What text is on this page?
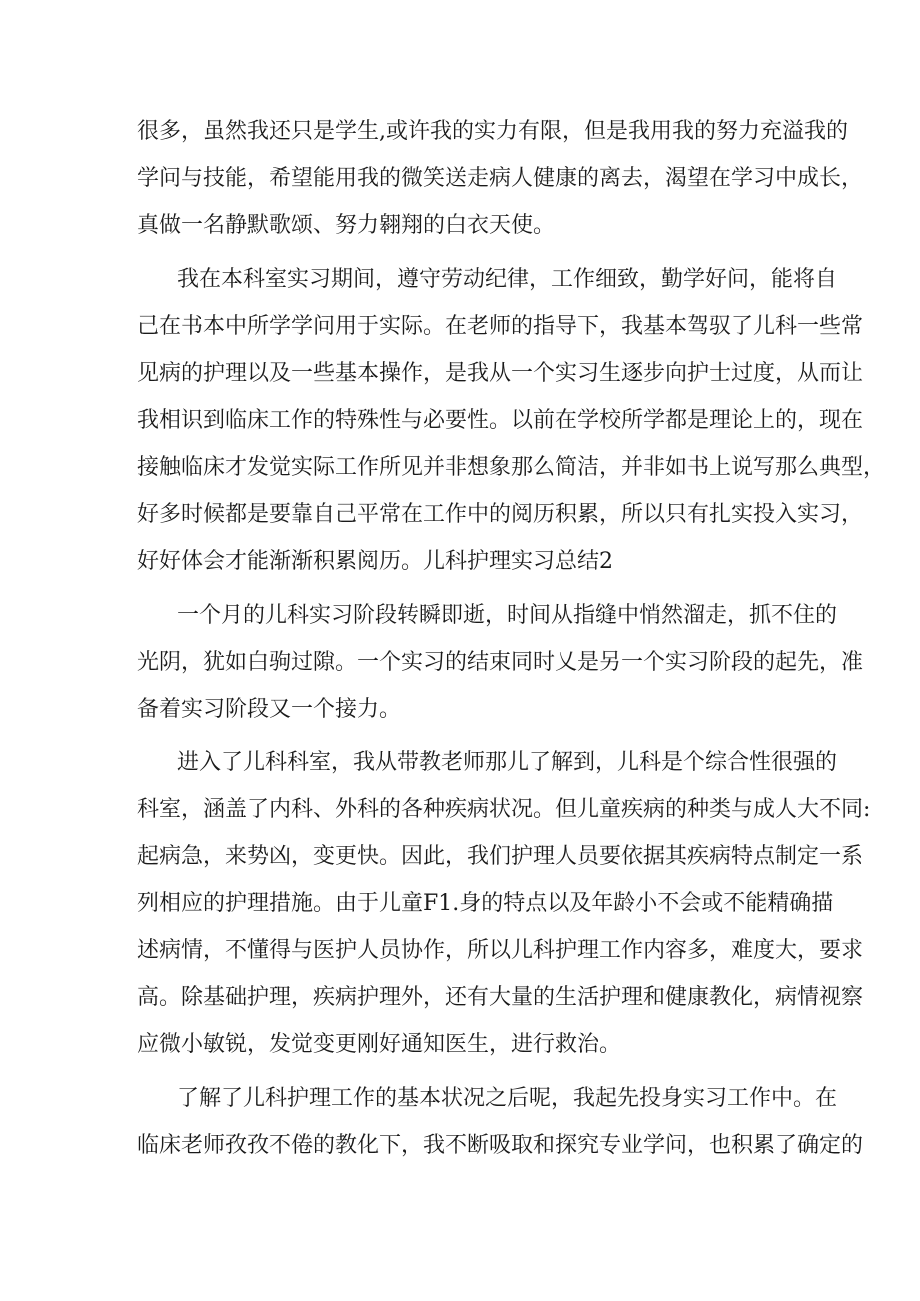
很多，虽然我还只是学生,或许我的实力有限，但是我用我的努力充溢我的
学问与技能，希望能用我的微笑送走病人健康的离去，渴望在学习中成长，
真做一名静默歌颂、努力翱翔的白衣天使。
我在本科室实习期间，遵守劳动纪律，工作细致，勤学好问，能将自
己在书本中所学学问用于实际。在老师的指导下，我基本驾驭了儿科一些常
见病的护理以及一些基本操作，是我从一个实习生逐步向护士过度，从而让
我相识到临床工作的特殊性与必要性。以前在学校所学都是理论上的，现在
接触临床才发觉实际工作所见并非想象那么简洁，并非如书上说写那么典型，
好多时候都是要靠自己平常在工作中的阅历积累，所以只有扎实投入实习，
好好体会才能渐渐积累阅历。儿科护理实习总结2
一个月的儿科实习阶段转瞬即逝，时间从指缝中悄然溜走，抓不住的
光阴，犹如白驹过隙。一个实习的结束同时乂是另一个实习阶段的起先，准
备着实习阶段又一个接力。
进入了儿科科室，我从带教老师那儿了解到，儿科是个综合性很强的
科室，涵盖了内科、外科的各种疾病状况。但儿童疾病的种类与成人大不同:
起病急，来势凶，变更快。因此，我们护理人员要依据其疾病特点制定一系
列相应的护理措施。由于儿童F1.身的特点以及年龄小不会或不能精确描
述病情，不懂得与医护人员协作，所以儿科护理工作内容多，难度大，要求
高。除基础护理，疾病护理外，还有大量的生活护理和健康教化，病情视察
应微小敏锐，发觉变更刚好通知医生，进行救治。
了解了儿科护理工作的基本状况之后呢，我起先投身实习工作中。在
临床老师孜孜不倦的教化下，我不断吸取和探究专业学问，也积累了确定的
